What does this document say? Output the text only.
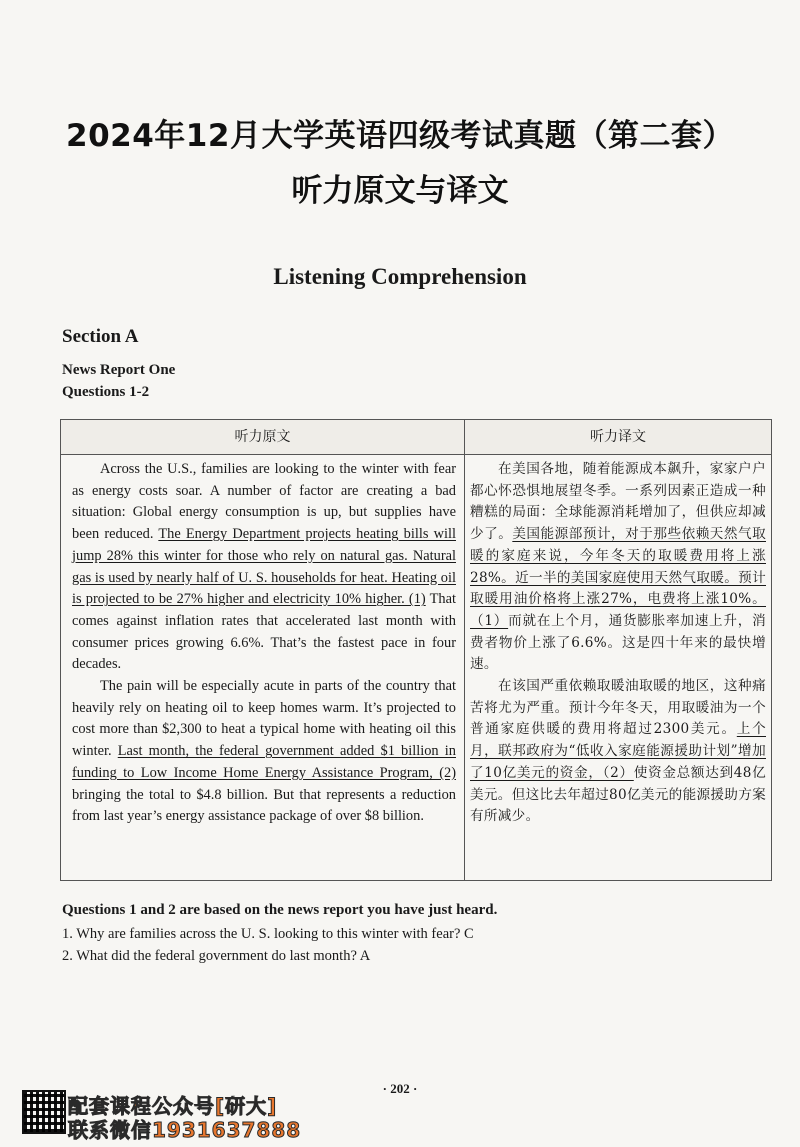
2024年12月大学英语四级考试真题（第二套）
听力原文与译文
Listening Comprehension
Section A
News Report One
Questions 1-2
听力原文	听力译文

Across the U.S., families are looking to the winter with fear as energy costs soar. A number of factor are creating a bad situation: Global energy consumption is up, but supplies have been reduced. The Energy Department projects heating bills will jump 28% this winter for those who rely on natural gas. Natural gas is used by nearly half of U. S. households for heat. Heating oil is projected to be 27% higher and electricity 10% higher. (1) That comes against inflation rates that accelerated last month with consumer prices growing 6.6%. That’s the fastest pace in four decades.

The pain will be especially acute in parts of the country that heavily rely on heating oil to keep homes warm. It’s projected to cost more than $2,300 to heat a typical home with heating oil this winter. Last month, the federal government added $1 billion in funding to Low Income Home Energy Assistance Program, (2) bringing the total to $4.8 billion. But that represents a reduction from last year’s energy assistance package of over $8 billion.

在美国各地，随着能源成本飙升，家家户户都心怀恐惧地展望冬季。一系列因素正造成一种糟糕的局面：全球能源消耗增加了，但供应却减少了。美国能源部预计，对于那些依赖天然气取暖的家庭来说，今年冬天的取暖费用将上涨28%。近一半的美国家庭使用天然气取暖。预计取暖用油价格将上涨27%，电费将上涨10%。（1）而就在上个月，通货膨胀率加速上升，消费者物价上涨了6.6%。这是四十年来的最快增速。

在该国严重依赖取暖油取暖的地区，这种痛苦将尤为严重。预计今年冬天，用取暖油为一个普通家庭供暖的费用将超过2300美元。上个月，联邦政府为“低收入家庭能源援助计划”增加了10亿美元的资金，（2）使资金总额达到48亿美元。但这比去年超过80亿美元的能源援助方案有所减少。

Questions 1 and 2 are based on the news report you have just heard.
1. Why are families across the U. S. looking to this winter with fear? C
2. What did the federal government do last month? A
· 202 ·
配套课程公众号[研大]
联系微信1931637888
